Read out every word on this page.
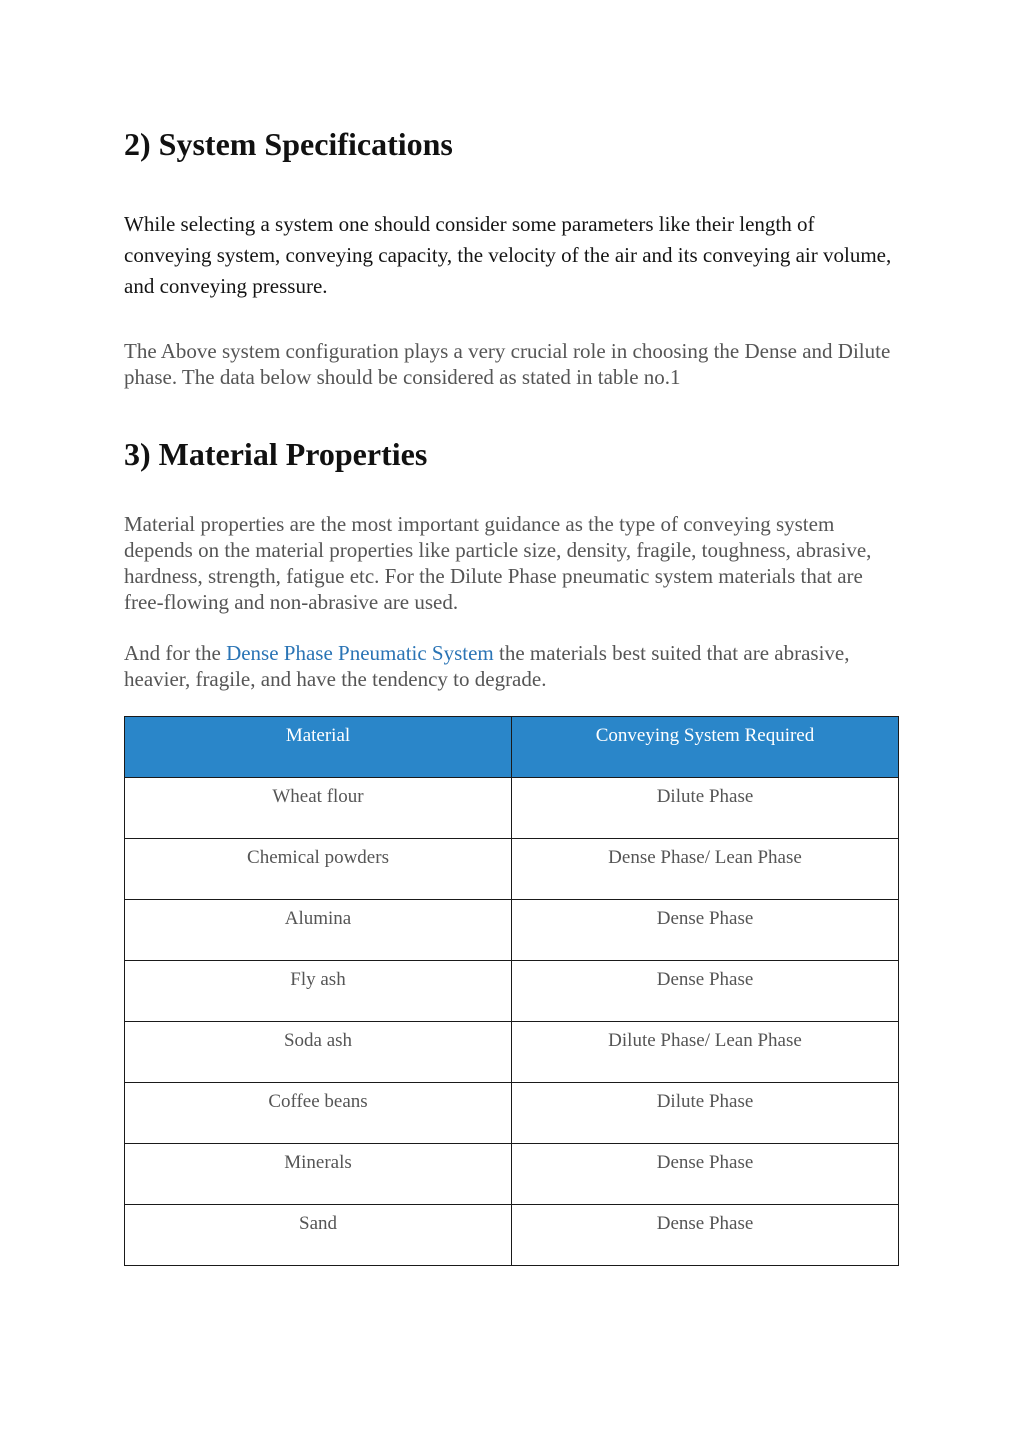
2) System Specifications

While selecting a system one should consider some parameters like their length of conveying system, conveying capacity, the velocity of the air and its conveying air volume, and conveying pressure.

The Above system configuration plays a very crucial role in choosing the Dense and Dilute phase. The data below should be considered as stated in table no.1

3) Material Properties

Material properties are the most important guidance as the type of conveying system depends on the material properties like particle size, density, fragile, toughness, abrasive, hardness, strength, fatigue etc. For the Dilute Phase pneumatic system materials that are free-flowing and non-abrasive are used.

And for the Dense Phase Pneumatic System the materials best suited that are abrasive, heavier, fragile, and have the tendency to degrade.

Material	Conveying System Required
Wheat flour	Dilute Phase
Chemical powders	Dense Phase/ Lean Phase
Alumina	Dense Phase
Fly ash	Dense Phase
Soda ash	Dilute Phase/ Lean Phase
Coffee beans	Dilute Phase
Minerals	Dense Phase
Sand	Dense Phase
